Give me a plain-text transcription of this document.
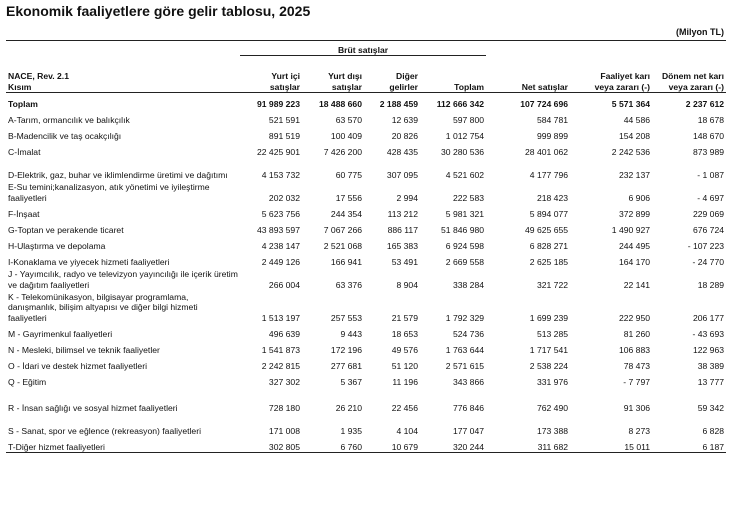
Ekonomik faaliyetlere göre gelir tablosu, 2025
(Milyon TL)
NACE, Rev. 2.1
Kısım	Brüt satışlar				Net satışlar	Faaliyet karı veya zararı (-)	Dönem net karı veya zararı (-)
	Yurt içi satışlar	Yurt dışı satışlar	Diğer gelirler	Toplam			
Toplam	91 989 223	18 488 660	2 188 459	112 666 342	107 724 696	5 571 364	2 237 612
A-Tarım, ormancılık ve balıkçılık	521 591	63 570	12 639	597 800	584 781	44 586	18 678
B-Madencilik ve taş ocakçılığı	891 519	100 409	20 826	1 012 754	999 899	154 208	148 670
C-İmalat	22 425 901	7 426 200	428 435	30 280 536	28 401 062	2 242 536	873 989
D-Elektrik, gaz, buhar ve iklimlendirme üretimi ve dağıtımı	4 153 732	60 775	307 095	4 521 602	4 177 796	232 137	- 1 087
E-Su temini;kanalizasyon, atık yönetimi ve iyileştirme faaliyetleri	202 032	17 556	2 994	222 583	218 423	6 906	- 4 697
F-İnşaat	5 623 756	244 354	113 212	5 981 321	5 894 077	372 899	229 069
G-Toptan ve perakende ticaret	43 893 597	7 067 266	886 117	51 846 980	49 625 655	1 490 927	676 724
H-Ulaştırma ve depolama	4 238 147	2 521 068	165 383	6 924 598	6 828 271	244 495	- 107 223
I-Konaklama ve yiyecek hizmeti faaliyetleri	2 449 126	166 941	53 491	2 669 558	2 625 185	164 170	- 24 770
J - Yayımcılık, radyo ve televizyon yayıncılığı ile içerik üretim ve dağıtım faaliyetleri	266 004	63 376	8 904	338 284	321 722	22 141	18 289
K - Telekomünikasyon, bilgisayar programlama, danışmanlık, bilişim altyapısı ve diğer bilgi hizmeti faaliyetleri	1 513 197	257 553	21 579	1 792 329	1 699 239	222 950	206 177
M - Gayrimenkul faaliyetleri	496 639	9 443	18 653	524 736	513 285	81 260	- 43 693
N - Mesleki, bilimsel ve teknik faaliyetler	1 541 873	172 196	49 576	1 763 644	1 717 541	106 883	122 963
O - İdari ve destek hizmet faaliyetleri	2 242 815	277 681	51 120	2 571 615	2 538 224	78 473	38 389
Q - Eğitim	327 302	5 367	11 196	343 866	331 976	- 7 797	13 777
R - İnsan sağlığı ve sosyal hizmet faaliyetleri	728 180	26 210	22 456	776 846	762 490	91 306	59 342
S - Sanat, spor ve eğlence (rekreasyon) faaliyetleri	171 008	1 935	4 104	177 047	173 388	8 273	6 828
T-Diğer hizmet faaliyetleri	302 805	6 760	10 679	320 244	311 682	15 011	6 187
